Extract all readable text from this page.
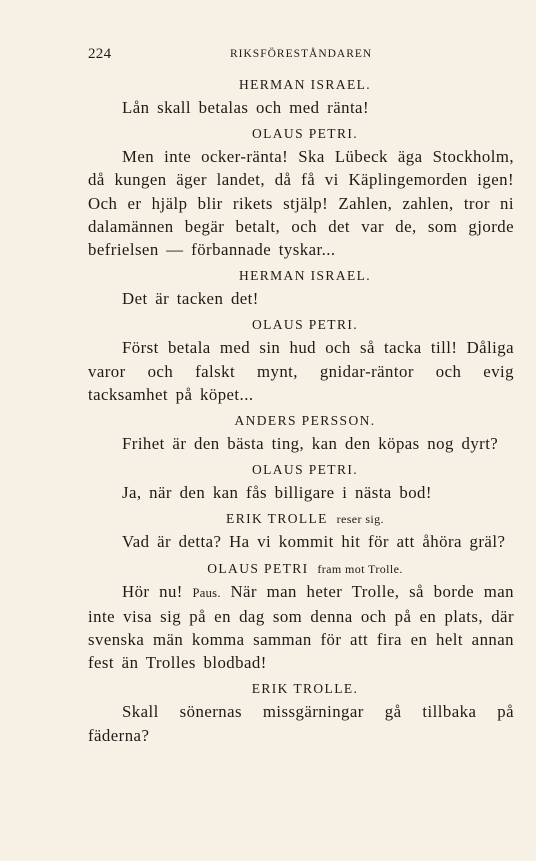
224	RIKSFÖRESTÅNDAREN
HERMAN ISRAEL.

Lån skall betalas och med ränta!

OLAUS PETRI.

Men inte ocker-ränta! Ska Lübeck äga Stockholm, då kungen äger landet, då få vi Käplingemorden igen! Och er hjälp blir rikets stjälp! Zahlen, zahlen, tror ni dalamännen begär betalt, och det var de, som gjorde befrielsen — förbannade tyskar...

HERMAN ISRAEL.

Det är tacken det!

OLAUS PETRI.

Först betala med sin hud och så tacka till! Dåliga varor och falskt mynt, gnidar-räntor och evig tacksamhet på köpet...

ANDERS PERSSON.

Frihet är den bästa ting, kan den köpas nog dyrt?

OLAUS PETRI.

Ja, när den kan fås billigare i nästa bod!

ERIK TROLLE reser sig.

Vad är detta? Ha vi kommit hit för att åhöra gräl?

OLAUS PETRI fram mot Trolle.

Hör nu! Paus. När man heter Trolle, så borde man inte visa sig på en dag som denna och på en plats, där svenska män komma samman för att fira en helt annan fest än Trolles blodbad!

ERIK TROLLE.

Skall sönernas missgärningar gå tillbaka på fäderna?
